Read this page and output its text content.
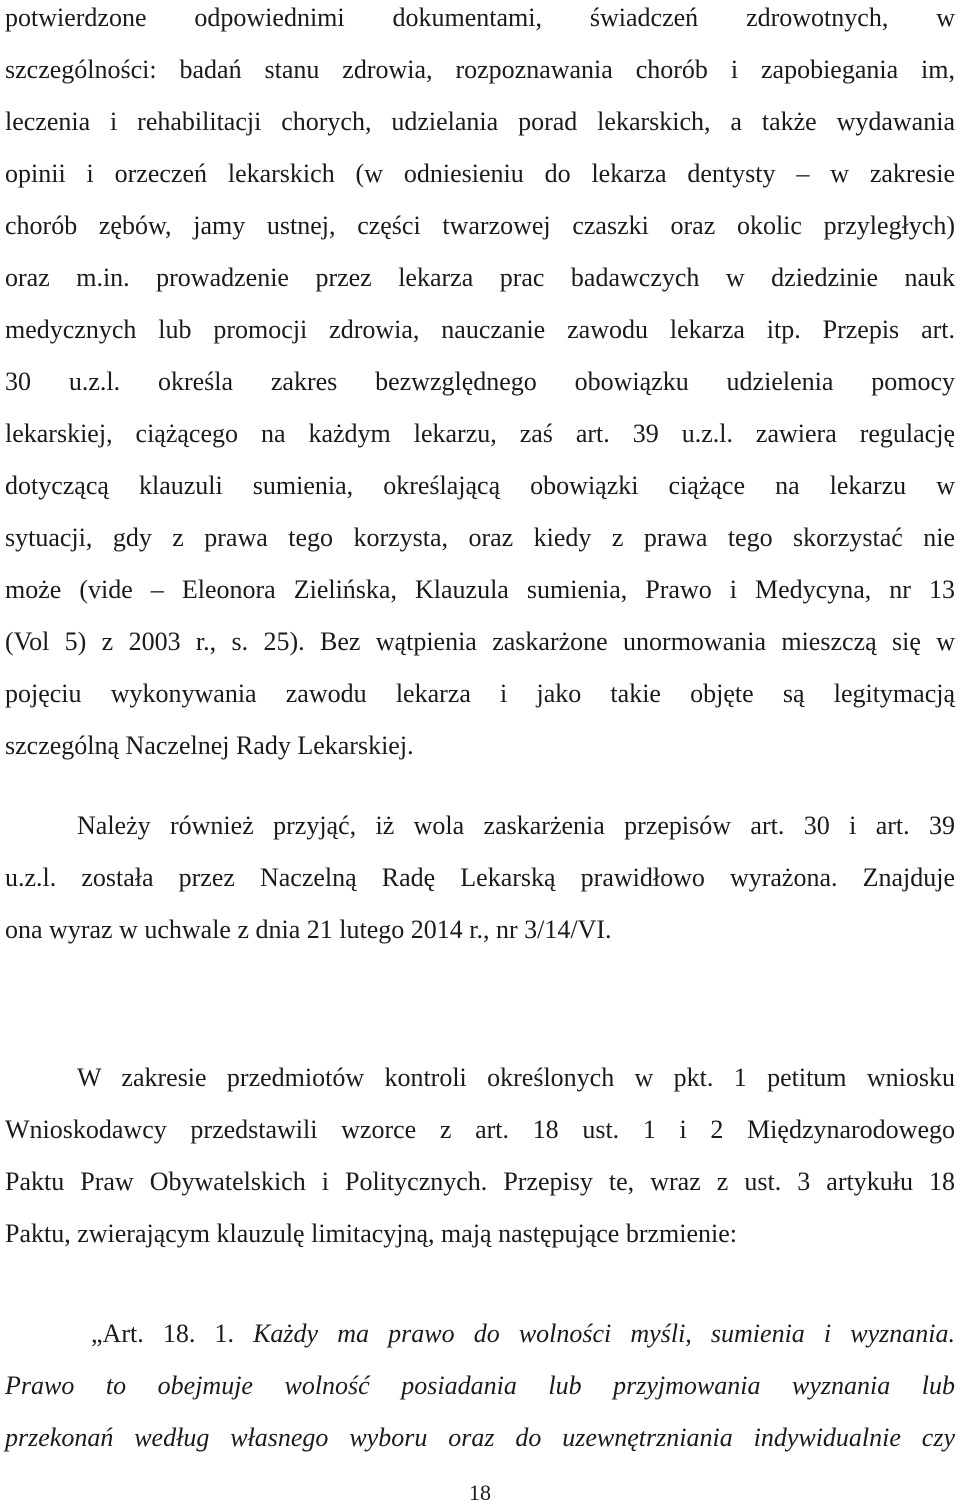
potwierdzone odpowiednimi dokumentami, świadczeń zdrowotnych, w
szczególności: badań stanu zdrowia, rozpoznawania chorób i zapobiegania im,
leczenia i rehabilitacji chorych, udzielania porad lekarskich, a także wydawania
opinii i orzeczeń lekarskich (w odniesieniu do lekarza dentysty – w zakresie
chorób zębów, jamy ustnej, części twarzowej czaszki oraz okolic przyległych)
oraz m.in. prowadzenie przez lekarza prac badawczych w dziedzinie nauk
medycznych lub promocji zdrowia, nauczanie zawodu lekarza itp. Przepis art.
30 u.z.l. określa zakres bezwzględnego obowiązku udzielenia pomocy
lekarskiej, ciążącego na każdym lekarzu, zaś art. 39 u.z.l. zawiera regulację
dotyczącą klauzuli sumienia, określającą obowiązki ciążące na lekarzu w
sytuacji, gdy z prawa tego korzysta, oraz kiedy z prawa tego skorzystać nie
może (vide – Eleonora Zielińska, Klauzula sumienia, Prawo i Medycyna, nr 13
(Vol 5) z 2003 r., s. 25). Bez wątpienia zaskarżone unormowania mieszczą się w
pojęciu wykonywania zawodu lekarza i jako takie objęte są legitymacją
szczególną Naczelnej Rady Lekarskiej.
Należy również przyjąć, iż wola zaskarżenia przepisów art. 30 i art. 39
u.z.l. została przez Naczelną Radę Lekarską prawidłowo wyrażona. Znajduje
ona wyraz w uchwale z dnia 21 lutego 2014 r., nr 3/14/VI.
W zakresie przedmiotów kontroli określonych w pkt. 1 petitum wniosku
Wnioskodawcy przedstawili wzorce z art. 18 ust. 1 i 2 Międzynarodowego
Paktu Praw Obywatelskich i Politycznych. Przepisy te, wraz z ust. 3 artykułu 18
Paktu, zwierającym klauzulę limitacyjną, mają następujące brzmienie:
„Art. 18. 1. Każdy ma prawo do wolności myśli, sumienia i wyznania.
Prawo to obejmuje wolność posiadania lub przyjmowania wyznania lub
przekonań według własnego wyboru oraz do uzewnętrzniania indywidualnie czy
18
